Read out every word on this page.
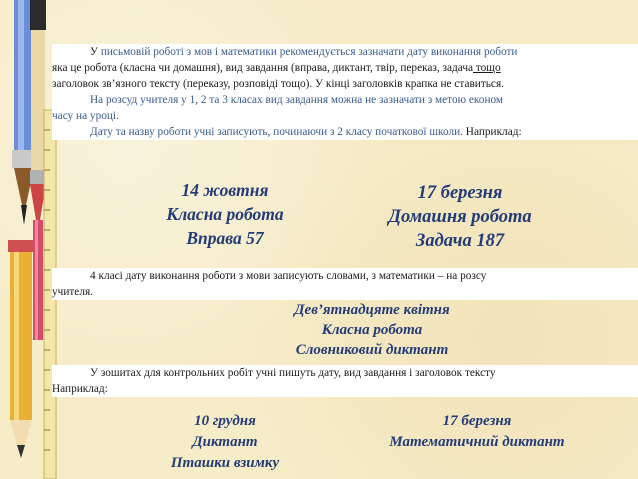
У письмовій роботі з мов і математики рекомендується зазначати дату виконання роботи
яка це робота (класна чи домашня), вид завдання (вправа, диктант, твір, переказ, задача тощо
заголовок зв’язного тексту (переказу, розповіді тощо). У кінці заголовків крапка не ставиться.
На розсуд учителя у 1, 2 та 3 класах вид завдання можна не зазначати з метою економ
часу на уроці.
Дату та назву роботи учні записують, починаючи з 2 класу початкової школи. Наприклад:
14 жовтня
Класна робота
Вправа 57
17 березня
Домашня робота
Задача 187
4 класі дату виконання роботи з мови записують словами, з математики – на розсу
учителя.
Дев’ятнадцяте квітня
Класна робота
Словниковий диктант
У зошитах для контрольних робіт учні пишуть дату, вид завдання і заголовок тексту
Наприклад:
10 грудня
Диктант
Пташки взимку
17 березня
Математичний диктант
